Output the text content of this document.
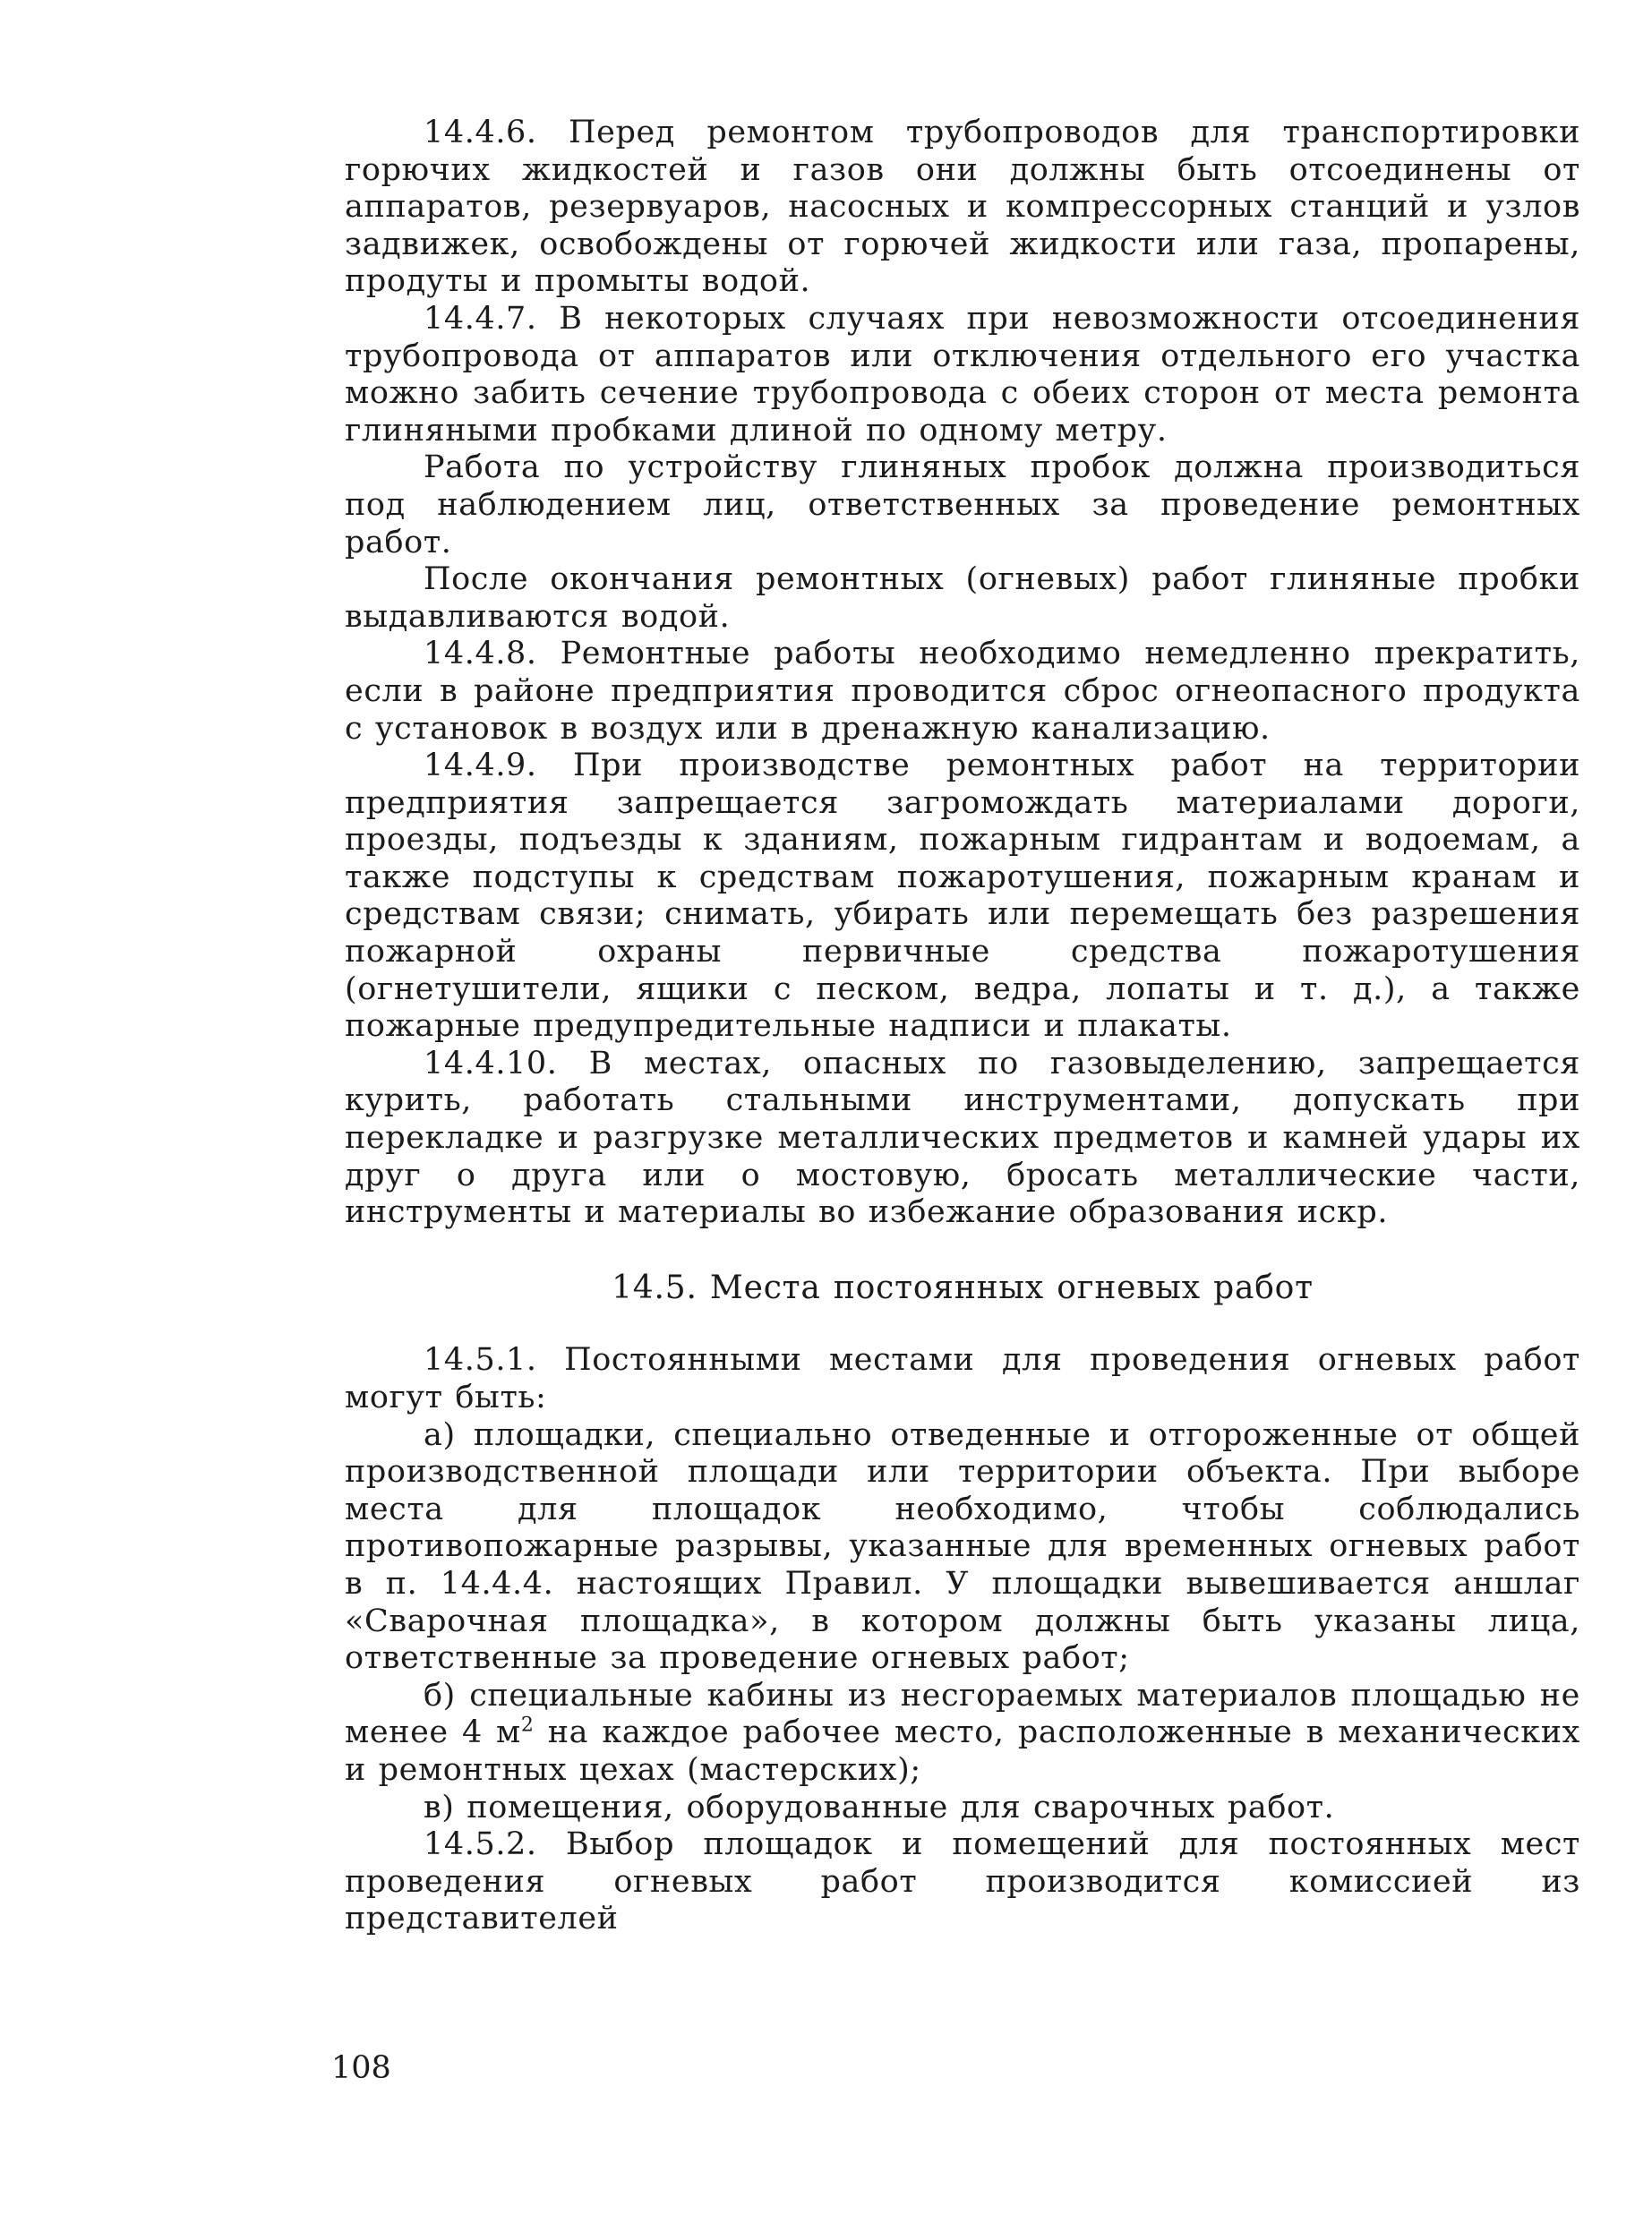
14.4.6. Перед ремонтом трубопроводов для транспортировки горючих жидкостей и газов они должны быть отсоединены от аппаратов, резервуаров, насосных и компрессорных станций и узлов задвижек, освобождены от горючей жидкости или газа, пропарены, продуты и промыты водой.

14.4.7. В некоторых случаях при невозможности отсоединения трубопровода от аппаратов или отключения отдельного его участка можно забить сечение трубопровода с обеих сторон от места ремонта глиняными пробками длиной по одному метру.

Работа по устройству глиняных пробок должна производиться под наблюдением лиц, ответственных за проведение ремонтных работ.

После окончания ремонтных (огневых) работ глиняные пробки выдавливаются водой.

14.4.8. Ремонтные работы необходимо немедленно прекратить, если в районе предприятия проводится сброс огнеопасного продукта с установок в воздух или в дренажную канализацию.

14.4.9. При производстве ремонтных работ на территории предприятия запрещается загромождать материалами дороги, проезды, подъезды к зданиям, пожарным гидрантам и водоемам, а также подступы к средствам пожаротушения, пожарным кранам и средствам связи; снимать, убирать или перемещать без разрешения пожарной охраны первичные средства пожаротушения (огнетушители, ящики с песком, ведра, лопаты и т. д.), а также пожарные предупредительные надписи и плакаты.

14.4.10. В местах, опасных по газовыделению, запрещается курить, работать стальными инструментами, допускать при перекладке и разгрузке металлических предметов и камней удары их друг о друга или о мостовую, бросать металлические части, инструменты и материалы во избежание образования искр.

14.5. Места постоянных огневых работ

14.5.1. Постоянными местами для проведения огневых работ могут быть:

а) площадки, специально отведенные и отгороженные от общей производственной площади или территории объекта. При выборе места для площадок необходимо, чтобы соблюдались противопожарные разрывы, указанные для временных огневых работ в п. 14.4.4. настоящих Правил. У площадки вывешивается аншлаг «Сварочная площадка», в котором должны быть указаны лица, ответственные за проведение огневых работ;

б) специальные кабины из несгораемых материалов площадью не менее 4 $м^2$ на каждое рабочее место, расположенные в механических и ремонтных цехах (мастерских);

в) помещения, оборудованные для сварочных работ.

14.5.2. Выбор площадок и помещений для постоянных мест проведения огневых работ производится комиссией из представителей

108
